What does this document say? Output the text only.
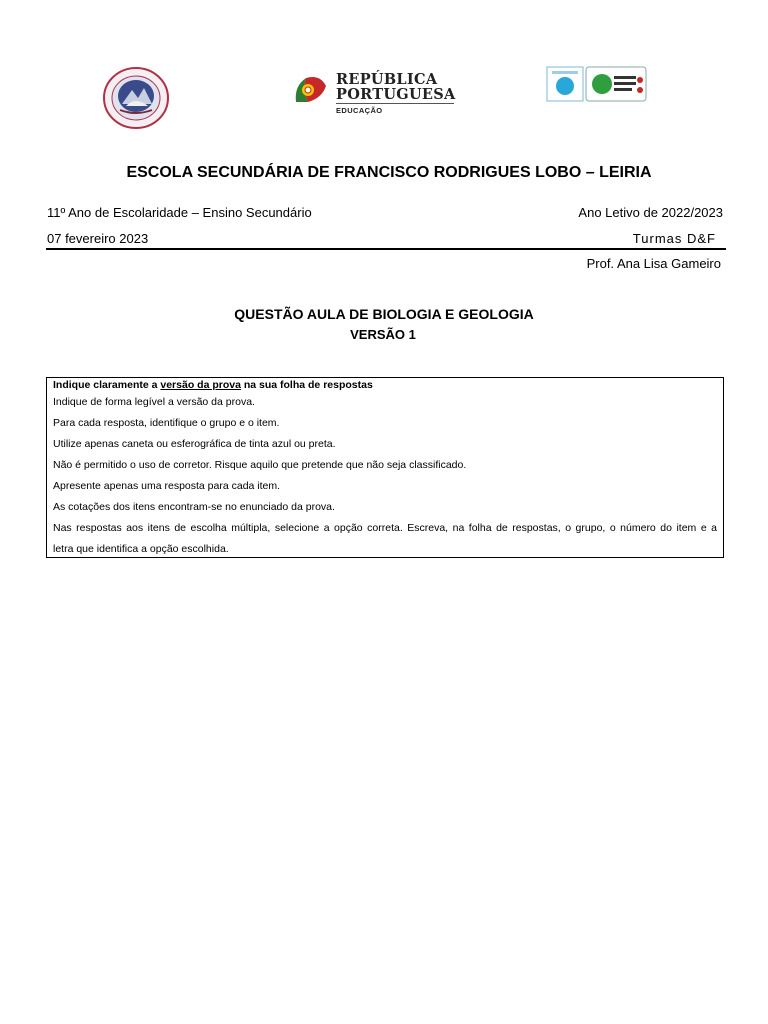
REPÚBLICA
PORTUGUESA
EDUCAÇÃO
ESCOLA SECUNDÁRIA DE FRANCISCO RODRIGUES LOBO – LEIRIA
11º Ano de Escolaridade – Ensino Secundário	Ano Letivo de 2022/2023
07 fevereiro 2023	Turmas D&F
Prof. Ana Lisa Gameiro
QUESTÃO AULA DE BIOLOGIA E GEOLOGIA
VERSÃO 1
Indique claramente a versão da prova na sua folha de respostas
Indique de forma legível a versão da prova.
Para cada resposta, identifique o grupo e o item.
Utilize apenas caneta ou esferográfica de tinta azul ou preta.
Não é permitido o uso de corretor. Risque aquilo que pretende que não seja classificado.
Apresente apenas uma resposta para cada item.
As cotações dos itens encontram-se no enunciado da prova.
Nas respostas aos itens de escolha múltipla, selecione a opção correta. Escreva, na folha de respostas, o grupo, o número do item e a
letra que identifica a opção escolhida.
